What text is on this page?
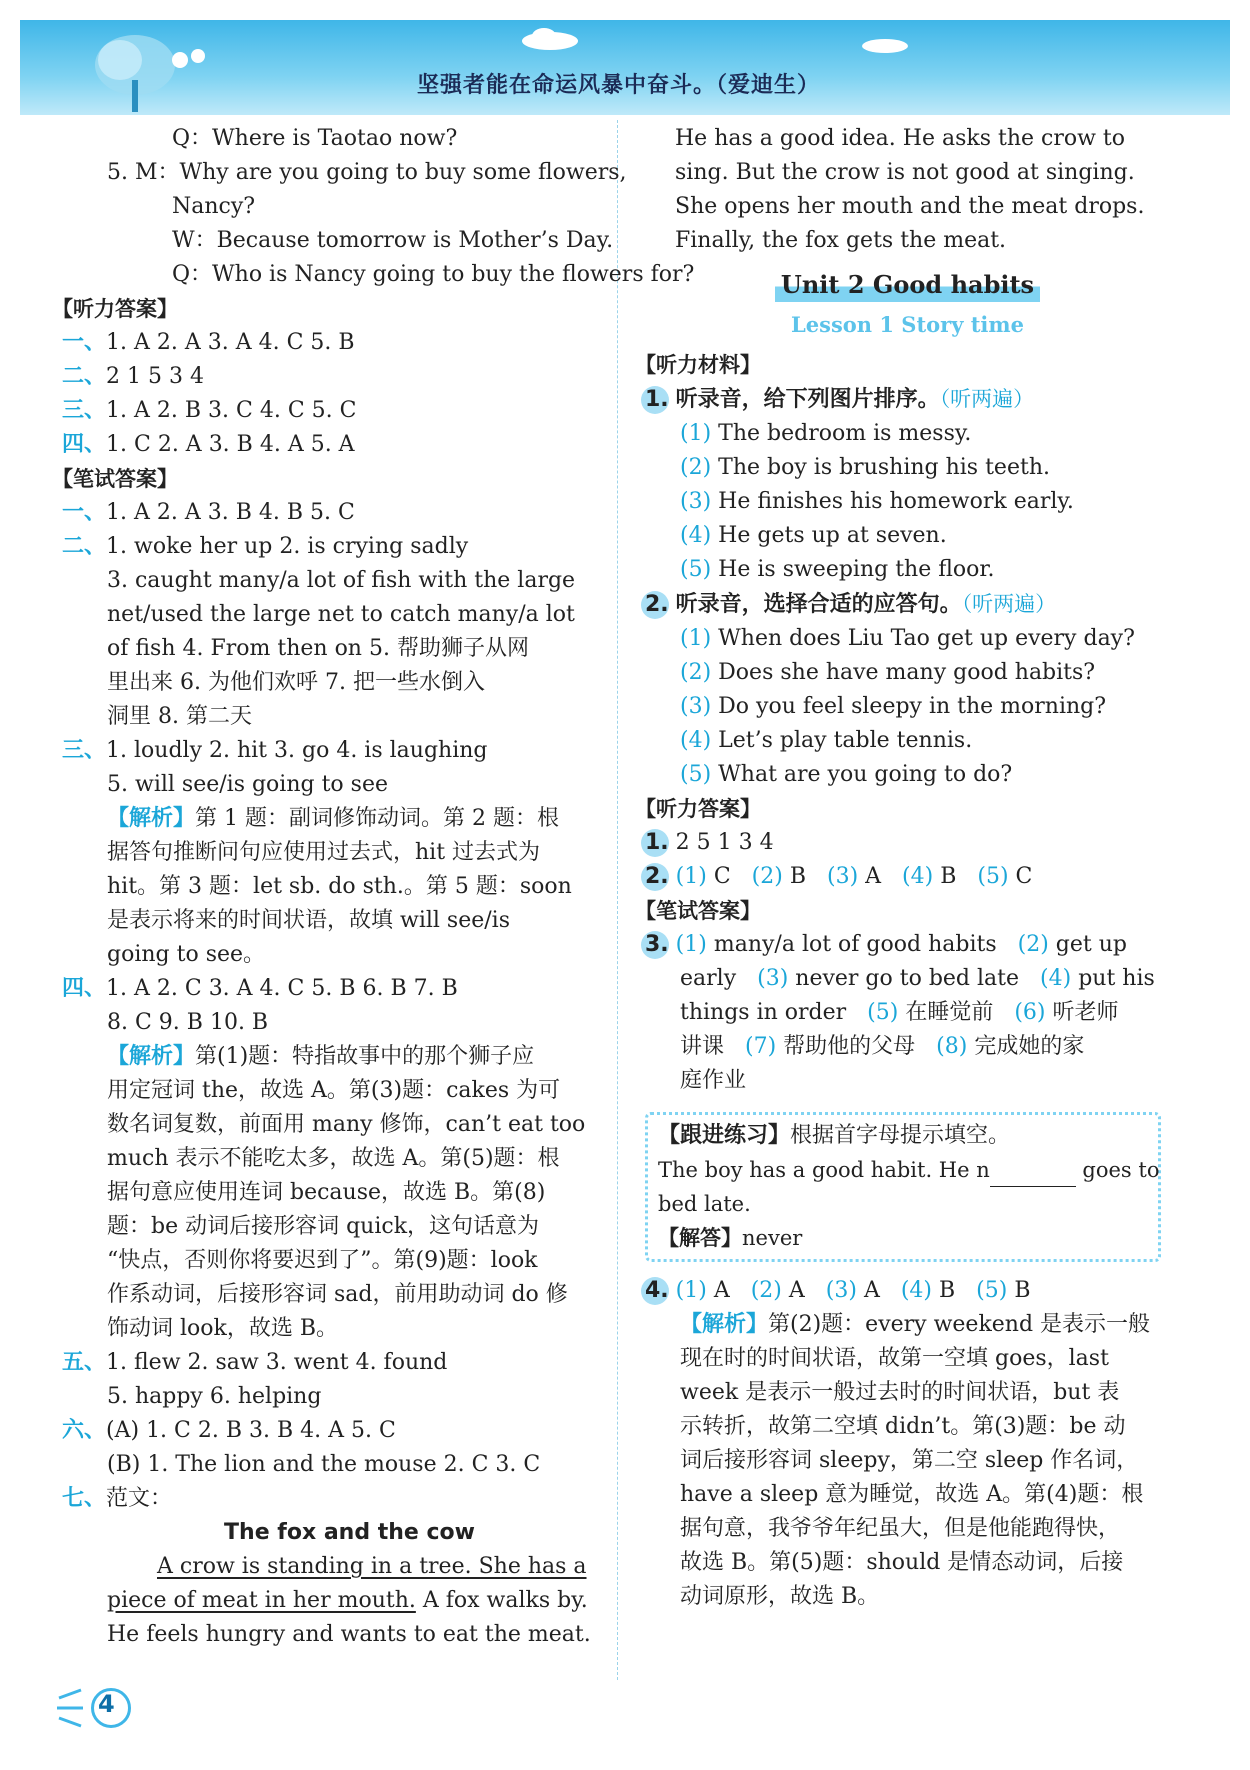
坚强者能在命运风暴中奋斗。（爱迪生）
Q：Where is Taotao now?
5. M：Why are you going to buy some flowers,
Nancy?
W：Because tomorrow is Mother’s Day.
Q：Who is Nancy going to buy the flowers for?
【听力答案】
一、1. A 2. A 3. A 4. C 5. B
二、2 1 5 3 4
三、1. A 2. B 3. C 4. C 5. C
四、1. C 2. A 3. B 4. A 5. A
【笔试答案】
一、1. A 2. A 3. B 4. B 5. C
二、1. woke her up 2. is crying sadly
3. caught many/a lot of fish with the large
net/used the large net to catch many/a lot
of fish 4. From then on 5. 帮助狮子从网
里出来 6. 为他们欢呼 7. 把一些水倒入
洞里 8. 第二天
三、1. loudly 2. hit 3. go 4. is laughing
5. will see/is going to see
【解析】第 1 题：副词修饰动词。第 2 题：根
据答句推断问句应使用过去式，hit 过去式为
hit。第 3 题：let sb. do sth.。第 5 题：soon
是表示将来的时间状语，故填 will see/is
going to see。
四、1. A 2. C 3. A 4. C 5. B 6. B 7. B
8. C 9. B 10. B
【解析】第(1)题：特指故事中的那个狮子应
用定冠词 the，故选 A。第(3)题：cakes 为可
数名词复数，前面用 many 修饰，can’t eat too
much 表示不能吃太多，故选 A。第(5)题：根
据句意应使用连词 because，故选 B。第(8)
题：be 动词后接形容词 quick，这句话意为
“快点，否则你将要迟到了”。第(9)题：look
作系动词，后接形容词 sad，前用助动词 do 修
饰动词 look，故选 B。
五、1. flew 2. saw 3. went 4. found
5. happy 6. helping
六、(A) 1. C 2. B 3. B 4. A 5. C
(B) 1. The lion and the mouse 2. C 3. C
七、范文：
The fox and the cow
A crow is standing in a tree. She has a
piece of meat in her mouth. A fox walks by.
He feels hungry and wants to eat the meat.
He has a good idea. He asks the crow to
sing. But the crow is not good at singing.
She opens her mouth and the meat drops.
Finally, the fox gets the meat.
Unit 2 Good habits
Lesson 1 Story time
【听力材料】
1. 听录音，给下列图片排序。（听两遍）
(1) The bedroom is messy.
(2) The boy is brushing his teeth.
(3) He finishes his homework early.
(4) He gets up at seven.
(5) He is sweeping the floor.
2. 听录音，选择合适的应答句。（听两遍）
(1) When does Liu Tao get up every day?
(2) Does she have many good habits?
(3) Do you feel sleepy in the morning?
(4) Let’s play table tennis.
(5) What are you going to do?
【听力答案】
1. 2 5 1 3 4
2. (1) C (2) B (3) A (4) B (5) C
【笔试答案】
3. (1) many/a lot of good habits (2) get up
early (3) never go to bed late (4) put his
things in order (5) 在睡觉前 (6) 听老师
讲课 (7) 帮助他的父母 (8) 完成她的家
庭作业
【跟进练习】根据首字母提示填空。
The boy has a good habit. He n	goes to
bed late.
【解答】never
4. (1) A (2) A (3) A (4) B (5) B
【解析】第(2)题：every weekend 是表示一般
现在时的时间状语，故第一空填 goes，last
week 是表示一般过去时的时间状语，but 表
示转折，故第二空填 didn’t。第(3)题：be 动
词后接形容词 sleepy，第二空 sleep 作名词，
have a sleep 意为睡觉，故选 A。第(4)题：根
据句意，我爷爷年纪虽大，但是他能跑得快，
故选 B。第(5)题：should 是情态动词，后接
动词原形，故选 B。
4
